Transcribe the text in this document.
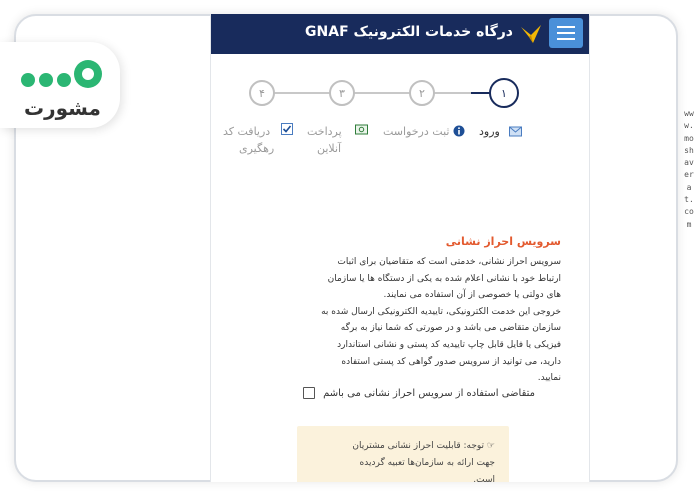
مشورت	www.moshaverat.com
درگاه خدمات الکترونیک GNAF
١
٢
٣
۴
ورود
ثبت درخواست
پرداخت
آنلاین
دریافت کد
رهگیری
سرویس احراز نشانی

سرویس احراز نشانی، خدمتی است که متقاضیان برای اثبات

ارتباط خود با نشانی اعلام شده به یکی از دستگاه ها یا سازمان

های دولتی یا خصوصی از آن استفاده می نمایند.

خروجی این خدمت الکترونیکی، تاییدیه الکترونیکی ارسال شده به

سازمان متقاضی می باشد و در صورتی که شما نیاز به برگه

فیزیکی یا فایل قابل چاپ تاییدیه کد پستی و نشانی استاندارد

دارید، می توانید از سرویس صدور گواهی کد پستی استفاده

نمایید.

متقاضی استفاده از سرویس احراز نشانی می باشم
☞ توجه: قابلیت احراز نشانی مشتریان
جهت ارائه به سازمان‌ها تعبیه گردیده
است.
